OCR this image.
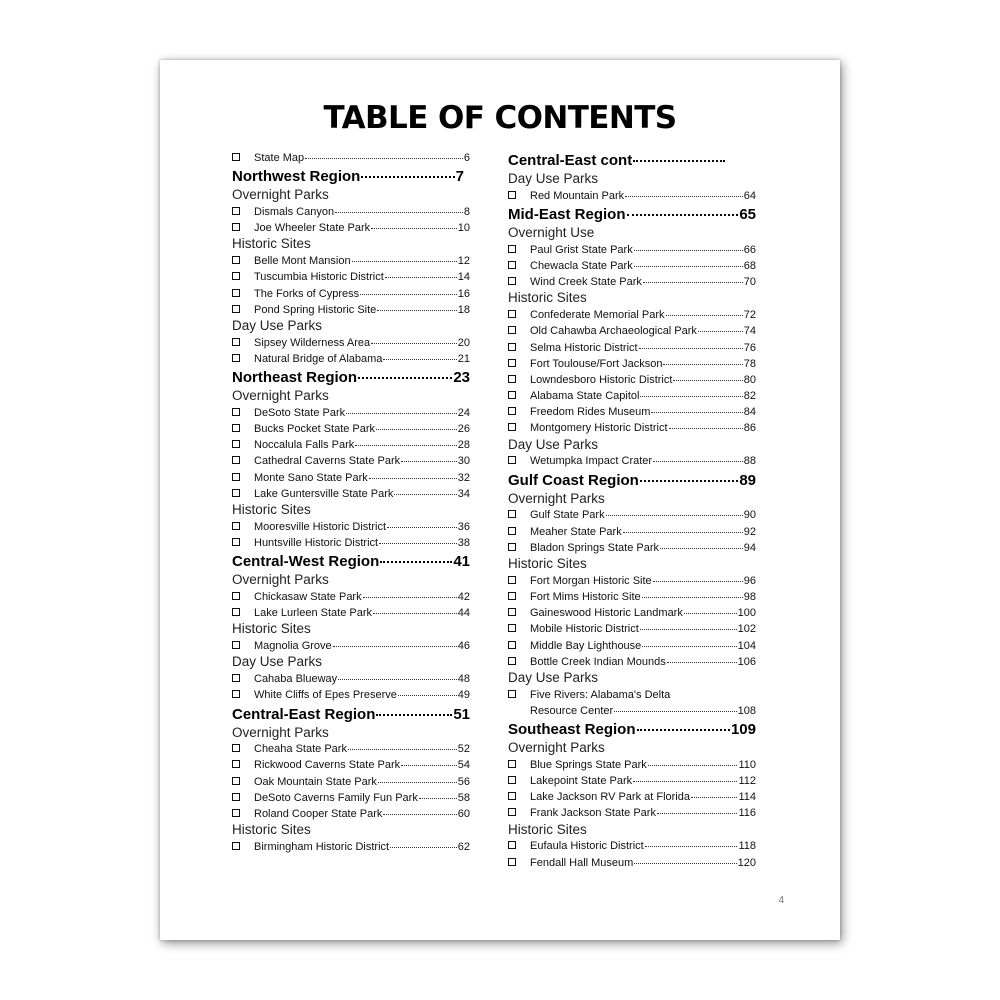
TABLE OF CONTENTS
State Map	6
Northwest Region	7
Overnight Parks
Dismals Canyon	8
Joe Wheeler State Park	10
Historic Sites
Belle Mont Mansion	12
Tuscumbia Historic District	14
The Forks of Cypress	16
Pond Spring Historic Site	18
Day Use Parks
Sipsey Wilderness Area	20
Natural Bridge of Alabama	21
Northeast Region	23
Overnight Parks
DeSoto State Park	24
Bucks Pocket State Park	26
Noccalula Falls Park	28
Cathedral Caverns State Park	30
Monte Sano State Park	32
Lake Guntersville State Park	34
Historic Sites
Mooresville Historic District	36
Huntsville Historic District	38
Central-West Region	41
Overnight Parks
Chickasaw State Park	42
Lake Lurleen State Park	44
Historic Sites
Magnolia Grove	46
Day Use Parks
Cahaba Blueway	48
White Cliffs of Epes Preserve	49
Central-East Region	51
Overnight Parks
Cheaha State Park	52
Rickwood Caverns State Park	54
Oak Mountain State Park	56
DeSoto Caverns Family Fun Park	58
Roland Cooper State Park	60
Historic Sites
Birmingham Historic District	62
Central-East cont
Day Use Parks
Red Mountain Park	64
Mid-East Region	65
Overnight Use
Paul Grist State Park	66
Chewacla State Park	68
Wind Creek State Park	70
Historic Sites
Confederate Memorial Park	72
Old Cahawba Archaeological Park	74
Selma Historic District	76
Fort Toulouse/Fort Jackson	78
Lowndesboro Historic District	80
Alabama State Capitol	82
Freedom Rides Museum	84
Montgomery Historic District	86
Day Use Parks
Wetumpka Impact Crater	88
Gulf Coast Region	89
Overnight Parks
Gulf State Park	90
Meaher State Park	92
Bladon Springs State Park	94
Historic Sites
Fort Morgan Historic Site	96
Fort Mims Historic Site	98
Gaineswood Historic Landmark	100
Mobile Historic District	102
Middle Bay Lighthouse	104
Bottle Creek Indian Mounds	106
Day Use Parks
Five Rivers: Alabama's Delta
Resource Center	108
Southeast Region	109
Overnight Parks
Blue Springs State Park	110
Lakepoint State Park	112
Lake Jackson RV Park at Florida	114
Frank Jackson State Park	116
Historic Sites
Eufaula Historic District	118
Fendall Hall Museum	120
4
